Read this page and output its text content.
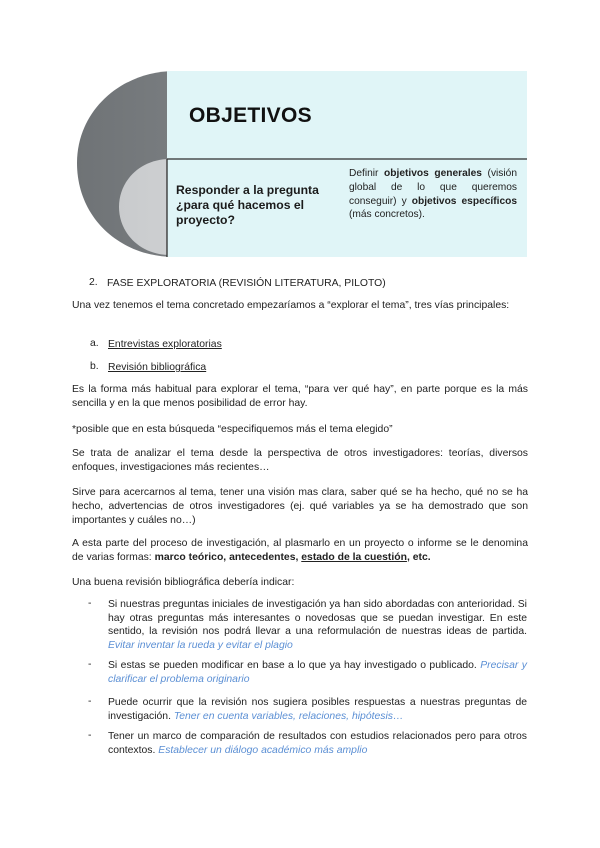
OBJETIVOS
Responder a la pregunta ¿para qué hacemos el proyecto?
Definir objetivos generales (visión global de lo que queremos conseguir) y objetivos específicos (más concretos).
2. FASE EXPLORATORIA (REVISIÓN LITERATURA, PILOTO)
Una vez tenemos el tema concretado empezaríamos a “explorar el tema”, tres vías principales:
a. Entrevistas exploratorias
b. Revisión bibliográfica
Es la forma más habitual para explorar el tema, “para ver qué hay”, en parte porque es la más sencilla y en la que menos posibilidad de error hay.
*posible que en esta búsqueda “especifiquemos más el tema elegido”
Se trata de analizar el tema desde la perspectiva de otros investigadores: teorías, diversos enfoques, investigaciones más recientes…
Sirve para acercarnos al tema, tener una visión mas clara, saber qué se ha hecho, qué no se ha hecho, advertencias de otros investigadores (ej. qué variables ya se ha demostrado que son importantes y cuáles no…)
A esta parte del proceso de investigación, al plasmarlo en un proyecto o informe se le denomina de varias formas: marco teórico, antecedentes, estado de la cuestión, etc.
Una buena revisión bibliográfica debería indicar:
- Si nuestras preguntas iniciales de investigación ya han sido abordadas con anterioridad. Si hay otras preguntas más interesantes o novedosas que se puedan investigar. En este sentido, la revisión nos podrá llevar a una reformulación de nuestras ideas de partida. Evitar inventar la rueda y evitar el plagio
- Si estas se pueden modificar en base a lo que ya hay investigado o publicado. Precisar y clarificar el problema originario
- Puede ocurrir que la revisión nos sugiera posibles respuestas a nuestras preguntas de investigación. Tener en cuenta variables, relaciones, hipótesis…
- Tener un marco de comparación de resultados con estudios relacionados pero para otros contextos. Establecer un diálogo académico más amplio
